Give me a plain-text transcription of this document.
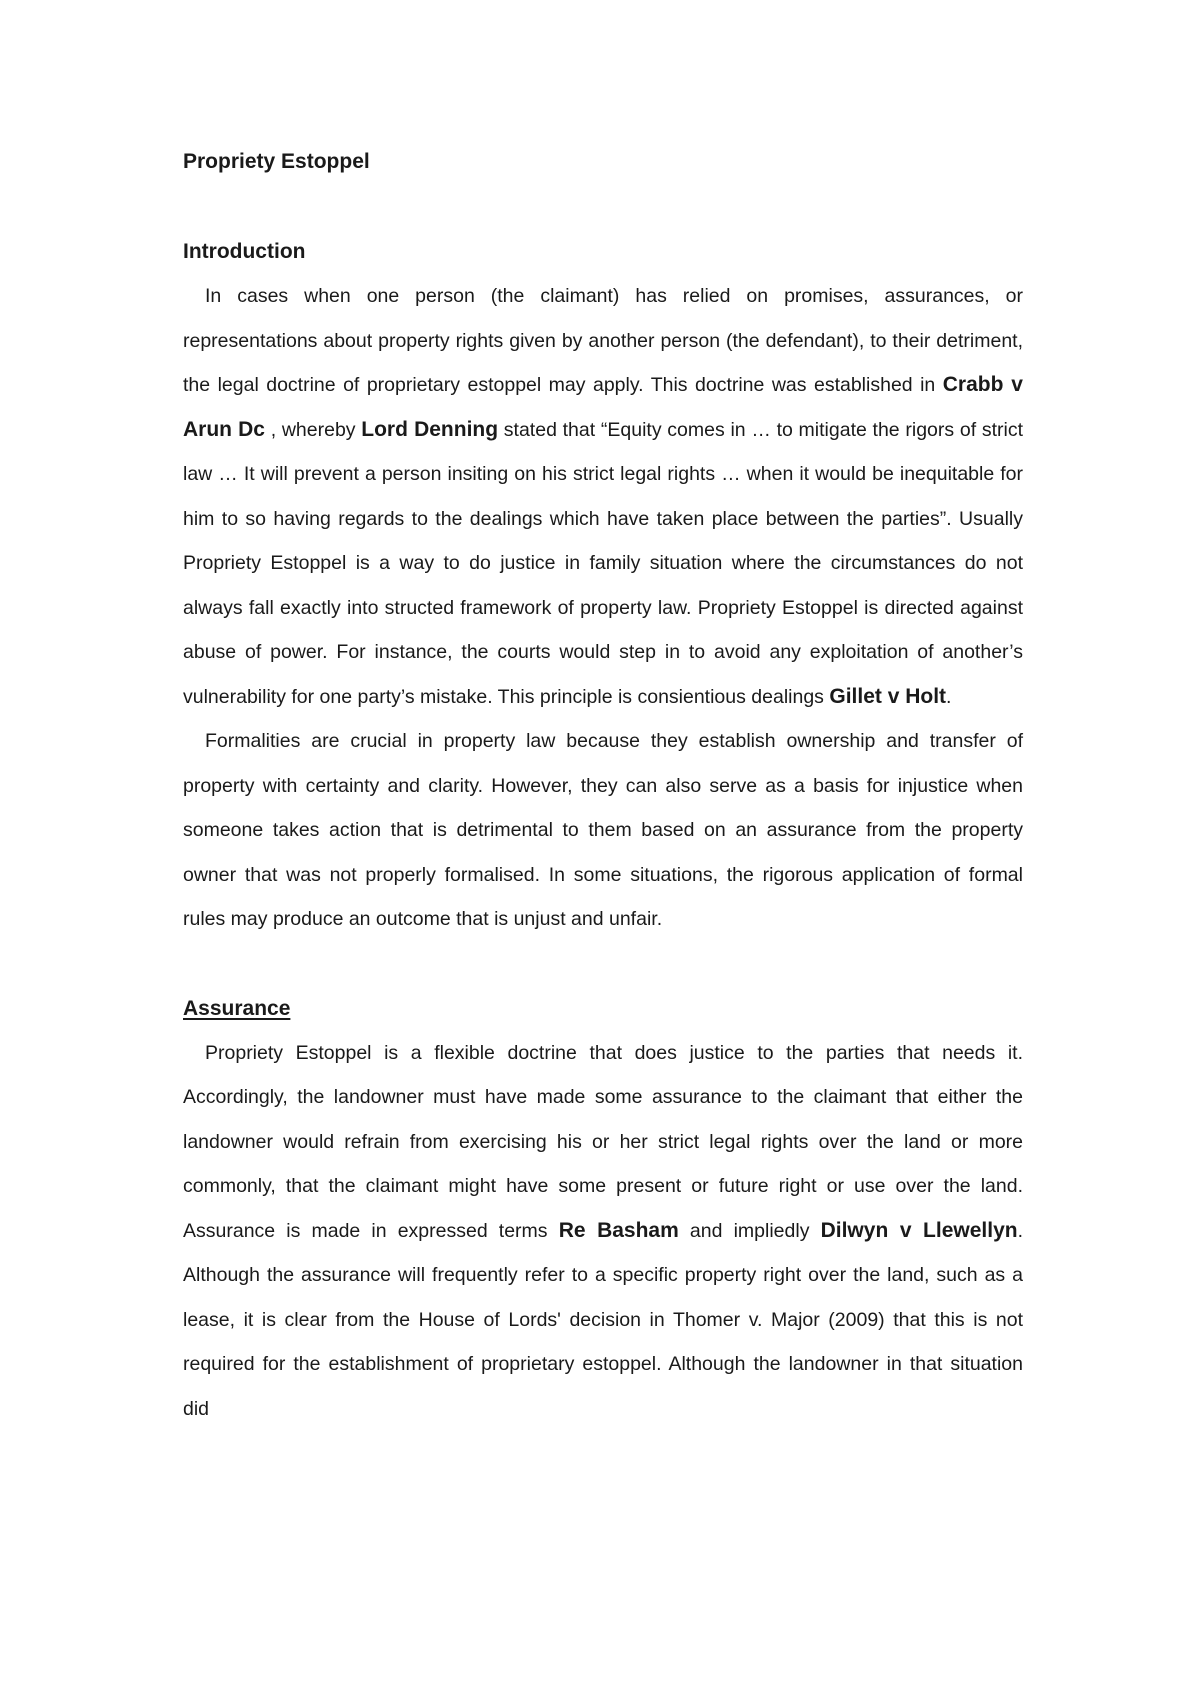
Propriety Estoppel
Introduction

In cases when one person (the claimant) has relied on promises, assurances, or representations about property rights given by another person (the defendant), to their detriment, the legal doctrine of proprietary estoppel may apply. This doctrine was established in Crabb v Arun Dc , whereby Lord Denning stated that “Equity comes in … to mitigate the rigors of strict law … It will prevent a person insiting on his strict legal rights … when it would be inequitable for him to so having regards to the dealings which have taken place between the parties”. Usually Propriety Estoppel is a way to do justice in family situation where the circumstances do not always fall exactly into structed framework of property law. Propriety Estoppel is directed against abuse of power. For instance, the courts would step in to avoid any exploitation of another’s vulnerability for one party’s mistake. This principle is consientious dealings Gillet v Holt.

Formalities are crucial in property law because they establish ownership and transfer of property with certainty and clarity. However, they can also serve as a basis for injustice when someone takes action that is detrimental to them based on an assurance from the property owner that was not properly formalised. In some situations, the rigorous application of formal rules may produce an outcome that is unjust and unfair.

Assurance

Propriety Estoppel is a flexible doctrine that does justice to the parties that needs it. Accordingly, the landowner must have made some assurance to the claimant that either the landowner would refrain from exercising his or her strict legal rights over the land or more commonly, that the claimant might have some present or future right or use over the land. Assurance is made in expressed terms Re Basham and impliedly Dilwyn v Llewellyn. Although the assurance will frequently refer to a specific property right over the land, such as a lease, it is clear from the House of Lords' decision in Thomer v. Major (2009) that this is not required for the establishment of proprietary estoppel. Although the landowner in that situation did
